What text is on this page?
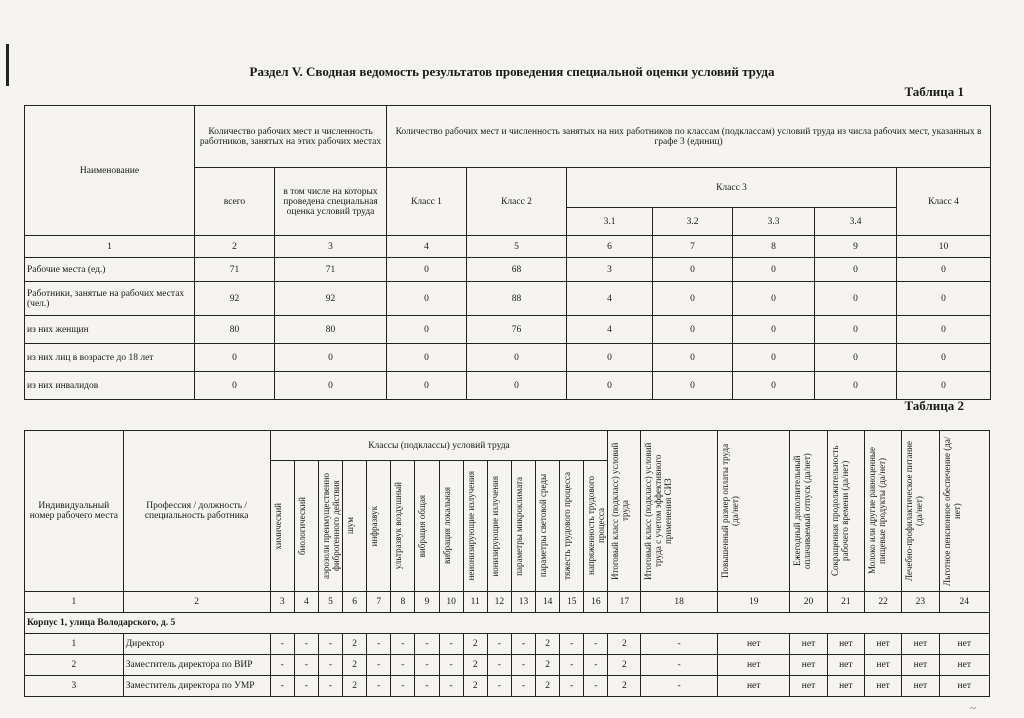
Раздел V. Сводная ведомость результатов проведения специальной оценки условий труда
Таблица 1
Наименование	Количество рабочих мест и численность работников, занятых на этих рабочих местах		Количество рабочих мест и численность занятых на них работников по классам (подклассам) условий труда из числа рабочих мест, указанных в графе 3 (единиц)						
	всего	в том числе на которых проведена специальная оценка условий труда	Класс 1	Класс 2	Класс 3				Класс 4
					3.1	3.2	3.3	3.4	
1	2	3	4	5	6	7	8	9	10
Рабочие места (ед.)	71	71	0	68	3	0	0	0	0
Работники, занятые на рабочих местах (чел.)	92	92	0	88	4	0	0	0	0
из них женщин	80	80	0	76	4	0	0	0	0
из них лиц в возрасте до 18 лет	0	0	0	0	0	0	0	0	0
из них инвалидов	0	0	0	0	0	0	0	0	0
Таблица 2
Индивидуальный номер рабочего места	Профессия / должность / специальность работника	Классы (подклассы) условий труда														Итоговый класс (подкласс) условий труда	Итоговый класс (подкласс) условий труда с учетом эффективного применения СИЗ	Повышенный размер оплаты труда (да/нет)	Ежегодный дополнительный оплачиваемый отпуск (да/нет)	Сокращенная продолжительность рабочего времени (да/нет)	Молоко или другие равноценные пищевые продукты (да/нет)	Лечебно-профилактическое питание (да/нет)	Льготное пенсионное обеспечение (да/нет)

		химический	биологический	аэрозоли преимущественно фиброгенного действия	шум	инфразвук	ультразвук воздушный	вибрация общая	вибрация локальная	неионизирующие излучения	ионизирующие излучения	параметры микроклимата	параметры световой среды	тяжесть трудового процесса	напряженность трудового процесса								

1	2	3	4	5	6	7	8	9	10	11	12	13	14	15	16	17	18	19	20	21	22	23	24
Корпус 1, улица Володарского, д. 5																							
1	Директор	-	-	-	2	-	-	-	-	2	-	-	2	-	-	2	-	нет	нет	нет	нет	нет	нет
2	Заместитель директора по ВИР	-	-	-	2	-	-	-	-	2	-	-	2	-	-	2	-	нет	нет	нет	нет	нет	нет
3	Заместитель директора по УМР	-	-	-	2	-	-	-	-	2	-	-	2	-	-	2	-	нет	нет	нет	нет	нет	нет
~
